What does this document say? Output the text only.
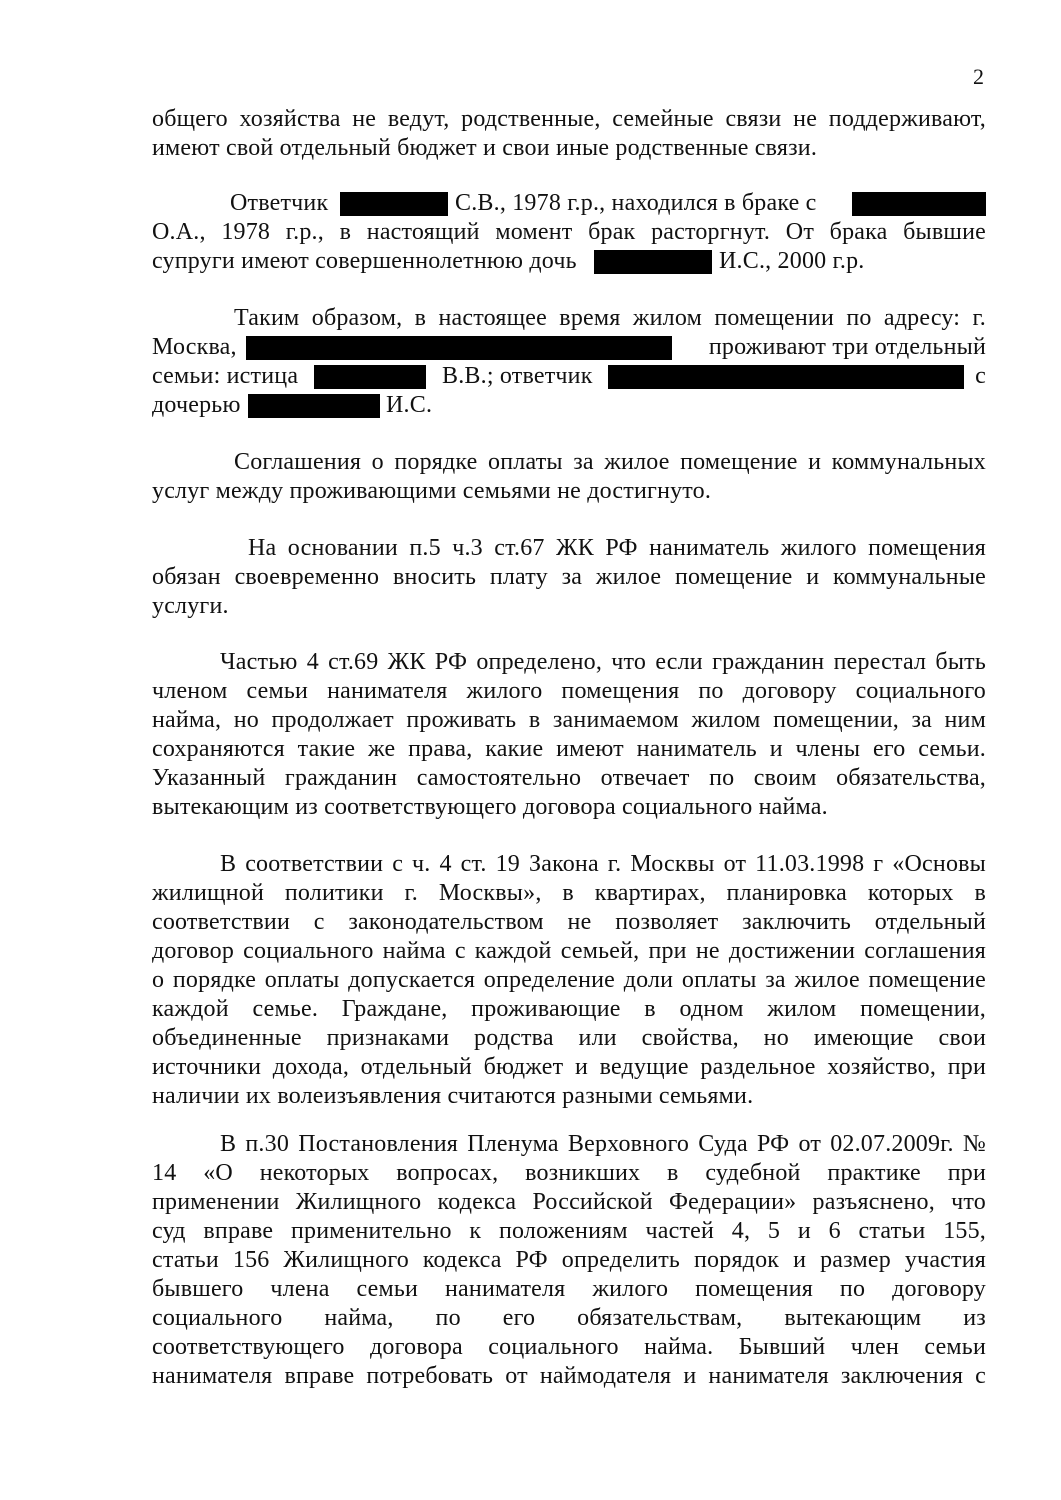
2
общего хозяйства не ведут, родственные, семейные связи не поддерживают,
имеют свой отдельный бюджет и свои иные родственные связи.
Ответчик	С.В., 1978 г.р., находился в браке с
О.А., 1978 г.р., в настоящий момент брак расторгнут. От брака бывшие
супруги имеют совершеннолетнюю дочь	И.С., 2000 г.р.
Таким образом, в настоящее время жилом помещении по адресу: г.
Москва,	проживают три отдельный
семьи: истица	В.В.; ответчик	с
дочерью	И.С.
Соглашения о порядке оплаты за жилое помещение и коммунальных
услуг между проживающими семьями не достигнуто.
На основании п.5 ч.3 ст.67 ЖК РФ наниматель жилого помещения
обязан своевременно вносить плату за жилое помещение и коммунальные
услуги.
Частью 4 ст.69 ЖК РФ определено, что если гражданин перестал быть
членом семьи нанимателя жилого помещения по договору социального
найма, но продолжает проживать в занимаемом жилом помещении, за ним
сохраняются такие же права, какие имеют наниматель и члены его семьи.
Указанный гражданин самостоятельно отвечает по своим обязательства,
вытекающим из соответствующего договора социального найма.
В соответствии с ч. 4 ст. 19 Закона г. Москвы от 11.03.1998 г «Основы
жилищной политики г. Москвы», в квартирах, планировка которых в
соответствии с законодательством не позволяет заключить отдельный
договор социального найма с каждой семьей, при не достижении соглашения
о порядке оплаты допускается определение доли оплаты за жилое помещение
каждой семье. Граждане, проживающие в одном жилом помещении,
объединенные признаками родства или свойства, но имеющие свои
источники дохода, отдельный бюджет и ведущие раздельное хозяйство, при
наличии их волеизъявления считаются разными семьями.
В п.30 Постановления Пленума Верховного Суда РФ от 02.07.2009г. №
14 «О некоторых вопросах, возникших в судебной практике при
применении Жилищного кодекса Российской Федерации» разъяснено, что
суд вправе применительно к положениям частей 4, 5 и 6 статьи 155,
статьи 156 Жилищного кодекса РФ определить порядок и размер участия
бывшего члена семьи нанимателя жилого помещения по договору
социального найма, по его обязательствам, вытекающим из
соответствующего договора социального найма. Бывший член семьи
нанимателя вправе потребовать от наймодателя и нанимателя заключения с
